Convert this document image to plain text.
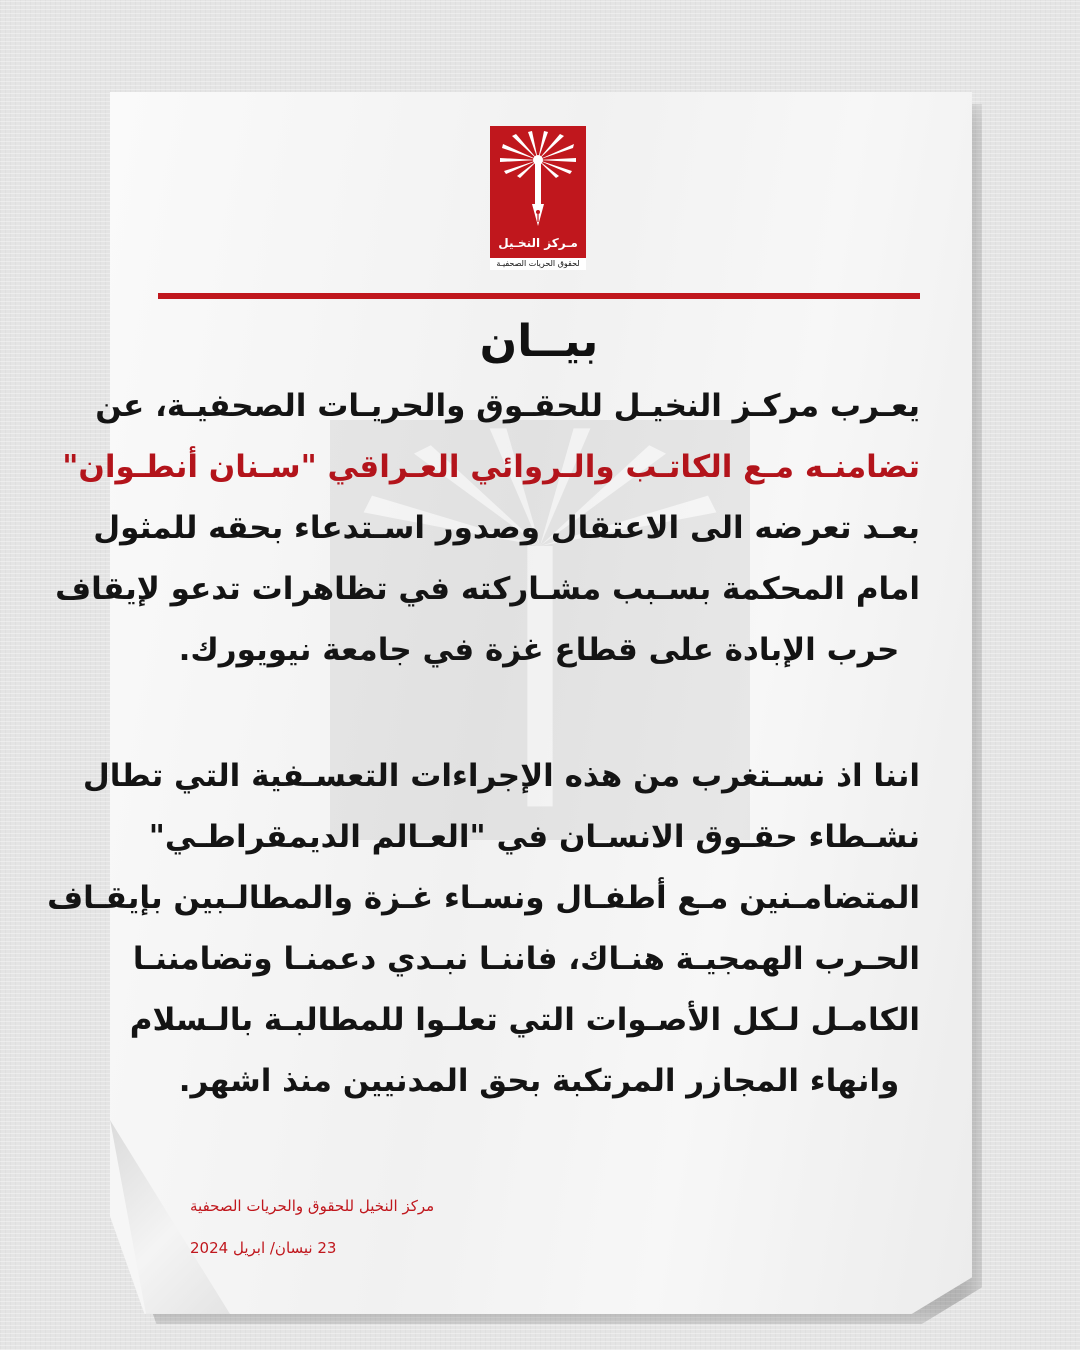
مـركز النخـيل
لحقوق الحريات الصحفيـة
بيــان

يعـرب مركـز النخيـل للحقـوق والحريـات الصحفيـة، عن
تضامنـه مـع الكاتـب والـروائي العـراقي "سـنان أنطـوان"
بعـد تعرضه الى الاعتقال وصدور اسـتدعاء بحقه للمثول
امام المحكمة بسـبب مشـاركته في تظاهرات تدعو لإيقاف
حرب الإبادة على قطاع غزة في جامعة نيويورك.

اننا اذ نسـتغرب من هذه الإجراءات التعسـفية التي تطال
نشـطاء حقـوق الانسـان في "العـالم الديمقراطـي"
المتضامـنين مـع أطفـال ونسـاء غـزة والمطالـبين بإيقـاف
الحـرب الهمجيـة هنـاك، فاننـا نبـدي دعمنـا وتضامننـا
الكامـل لـكل الأصـوات التي تعلـوا للمطالبـة بالـسلام
وانهاء المجازر المرتكبة بحق المدنيين منذ اشهر.

مركز النخيل للحقوق والحريات الصحفية
23 نيسان/ ابريل 2024
